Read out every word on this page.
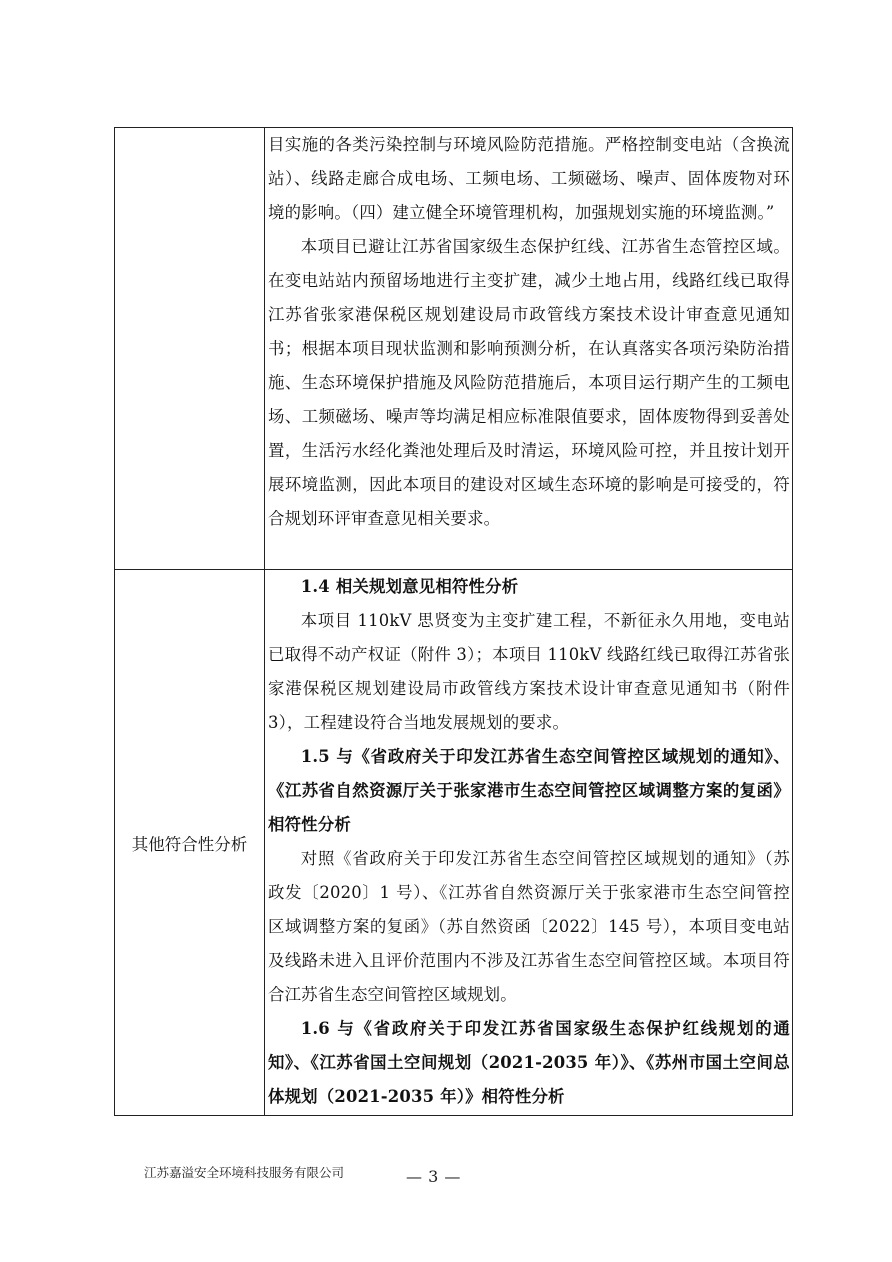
目实施的各类污染控制与环境风险防范措施。严格控制变电站（含换流站）、线路走廊合成电场、工频电场、工频磁场、噪声、固体废物对环境的影响。（四）建立健全环境管理机构，加强规划实施的环境监测。”

本项目已避让江苏省国家级生态保护红线、江苏省生态管控区域。在变电站站内预留场地进行主变扩建，减少土地占用，线路红线已取得江苏省张家港保税区规划建设局市政管线方案技术设计审查意见通知书；根据本项目现状监测和影响预测分析，在认真落实各项污染防治措施、生态环境保护措施及风险防范措施后，本项目运行期产生的工频电场、工频磁场、噪声等均满足相应标准限值要求，固体废物得到妥善处置，生活污水经化粪池处理后及时清运，环境风险可控，并且按计划开展环境监测，因此本项目的建设对区域生态环境的影响是可接受的，符合规划环评审查意见相关要求。

其他符合性分析

1.4 相关规划意见相符性分析

本项目 110kV 思贤变为主变扩建工程，不新征永久用地，变电站已取得不动产权证（附件 3）；本项目 110kV 线路红线已取得江苏省张家港保税区规划建设局市政管线方案技术设计审查意见通知书（附件 3），工程建设符合当地发展规划的要求。

1.5 与《省政府关于印发江苏省生态空间管控区域规划的通知》、《江苏省自然资源厅关于张家港市生态空间管控区域调整方案的复函》相符性分析

对照《省政府关于印发江苏省生态空间管控区域规划的通知》（苏政发〔2020〕1 号）、《江苏省自然资源厅关于张家港市生态空间管控区域调整方案的复函》（苏自然资函〔2022〕145 号），本项目变电站及线路未进入且评价范围内不涉及江苏省生态空间管控区域。本项目符合江苏省生态空间管控区域规划。

1.6 与《省政府关于印发江苏省国家级生态保护红线规划的通知》、《江苏省国土空间规划（2021-2035 年）》、《苏州市国土空间总体规划（2021-2035 年）》相符性分析

江苏嘉溢安全环境科技服务有限公司	— 3 —
